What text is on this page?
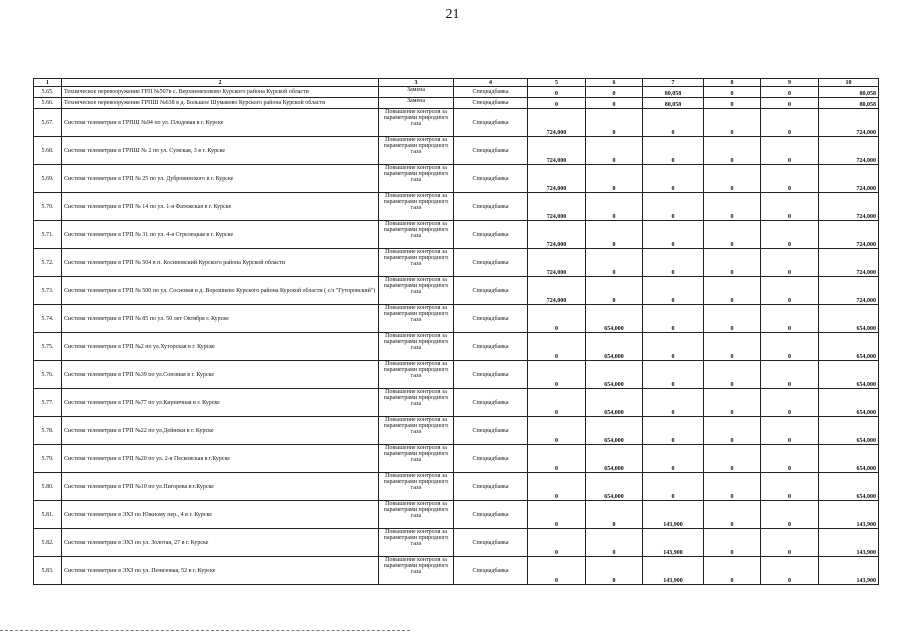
21
1	2	3	4	5	6	7	8	9	10
5.65.	Техническое перевооружение ГРП №507в с. Верхнемеховово Курского района Курской области	Замена	Спецнадбавка	0	0	80,058	0	0	80,058
5.66.	Техническое перевооружение ГРПШ №638 в д. Большое Шумаково Курского района Курской области	Замена	Спецнадбавка	0	0	80,058	0	0	80,058
5.67.	Система телеметрии в ГРПШ №94 по ул. Плодовая в г. Курске	Повышение контроля за параметрами природного газа	Спецнадбавка	724,000	0	0	0	0	724,000
5.68.	Система телеметрии в ГРПШ № 2 по ул. Сумская, 3 в г. Курске	Повышение контроля за параметрами природного газа	Спецнадбавка	724,000	0	0	0	0	724,000
5.69.	Система телеметрии в ГРП № 25 по ул. Дубровинского в г. Курске	Повышение контроля за параметрами природного газа	Спецнадбавка	724,000	0	0	0	0	724,000
5.70.	Система телеметрии в ГРП № 14 по ул. 1-я Фатежская в г. Курске	Повышение контроля за параметрами природного газа	Спецнадбавка	724,000	0	0	0	0	724,000
5.71.	Система телеметрии в ГРП № 31 по ул. 4-я Стрелецкая в г. Курске	Повышение контроля за параметрами природного газа	Спецнадбавка	724,000	0	0	0	0	724,000
5.72.	Система телеметрии в ГРП № 504 в п. Косиновский Курского района Курской области	Повышение контроля за параметрами природного газа	Спецнадбавка	724,000	0	0	0	0	724,000
5.73.	Система телеметрии в ГРП № 500 по ул. Сосновая в д. Ворошнево Курского района Курской области ( с/з "Гуторовский")	Повышение контроля за параметрами природного газа	Спецнадбавка	724,000	0	0	0	0	724,000
5.74.	Система телеметрии в ГРП № 85 по ул. 50 лет Октября г. Курске	Повышение контроля за параметрами природного газа	Спецнадбавка	0	654,000	0	0	0	654,000
5.75.	Система телеметрии в ГРП №2 по ул.Хуторская в г. Курске	Повышение контроля за параметрами природного газа	Спецнадбавка	0	654,000	0	0	0	654,000
5.76.	Система телеметрии в ГРП №39 по ул.Союзная в г. Курске	Повышение контроля за параметрами природного газа	Спецнадбавка	0	654,000	0	0	0	654,000
5.77.	Система телеметрии в ГРП №77 по ул.Кирпичная в г. Курске	Повышение контроля за параметрами природного газа	Спецнадбавка	0	654,000	0	0	0	654,000
5.78.	Система телеметрии в ГРП №22 по ул.Дейнеки в г. Курске	Повышение контроля за параметрами природного газа	Спецнадбавка	0	654,000	0	0	0	654,000
5.79.	Система телеметрии в ГРП №20 по ул. 2-я Песковская в г.Курске	Повышение контроля за параметрами природного газа	Спецнадбавка	0	654,000	0	0	0	654,000
5.80.	Система телеметрии в ГРП №10 по ул.Пигорева в г.Курске	Повышение контроля за параметрами природного газа	Спецнадбавка	0	654,000	0	0	0	654,000
5.81.	Система телеметрии в ЭХЗ по Южному пер., 4 в г. Курске	Повышение контроля за параметрами природного газа	Спецнадбавка	0	0	143,900	0	0	143,900
5.82.	Система телеметрии в ЭХЗ по ул. Золотая, 27 в г. Курске	Повышение контроля за параметрами природного газа	Спецнадбавка	0	0	143,900	0	0	143,900
5.83.	Система телеметрии в ЭХЗ по ул. Пенизовая, 52 в г. Курске	Повышение контроля за параметрами природного газа	Спецнадбавка	0	0	143,900	0	0	143,900
